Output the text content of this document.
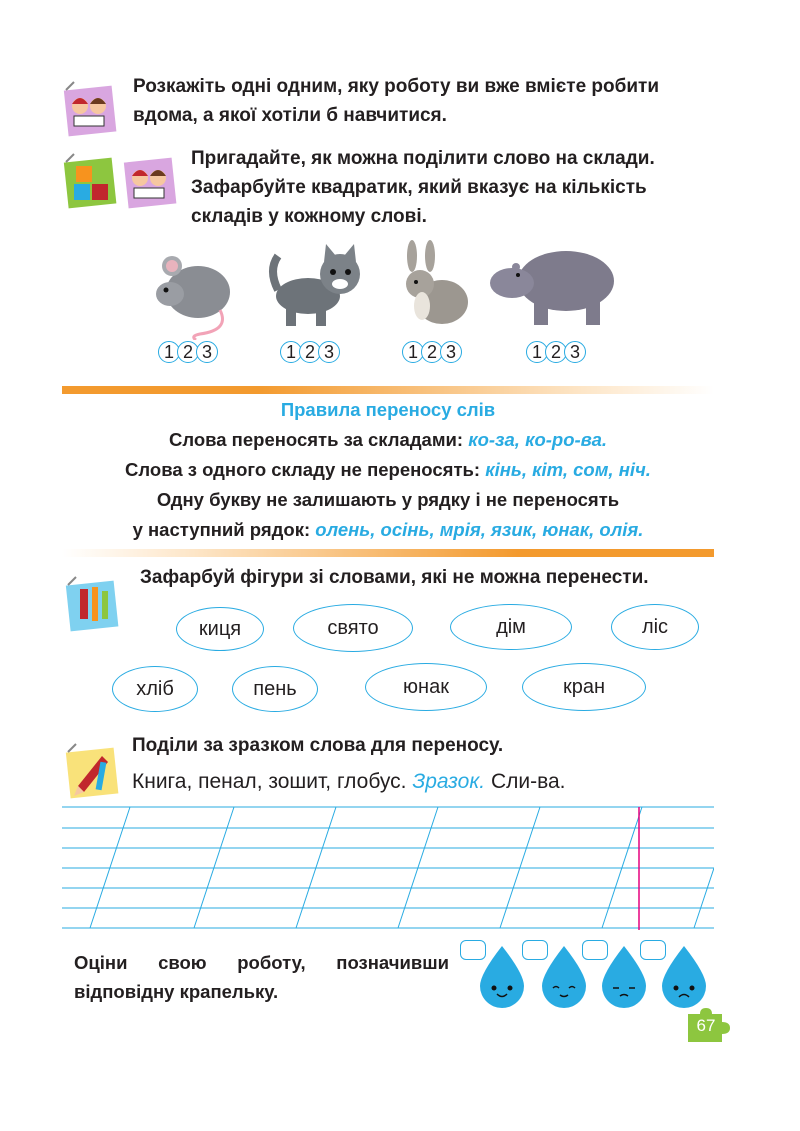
Розкажіть одні одним, яку роботу ви вже вмієте робити вдома, а якої хотіли б навчитися.
Пригадайте, як можна поділити слово на склади. Зафарбуйте квадратик, який вказує на кількість складів у кожному слові.
1 2 3	1 2 3	1 2 3	1 2 3
Правила переносу слів
Слова переносять за складами: ко-за, ко-ро-ва.
Слова з одного складу не переносять: кінь, кіт, сом, ніч.
Одну букву не залишають у рядку і не переносять
у наступний рядок: олень, осінь, мрія, язик, юнак, олія.
Зафарбуй фігури зі словами, які не можна перенести.
киця	свято	дім	ліс
хліб	пень	юнак	кран
Поділи за зразком слова для переносу.
Книга, пенал, зошит, глобус. Зразок. Сли-ва.
Оціни свою роботу, позначивши відповідну крапельку.
67
